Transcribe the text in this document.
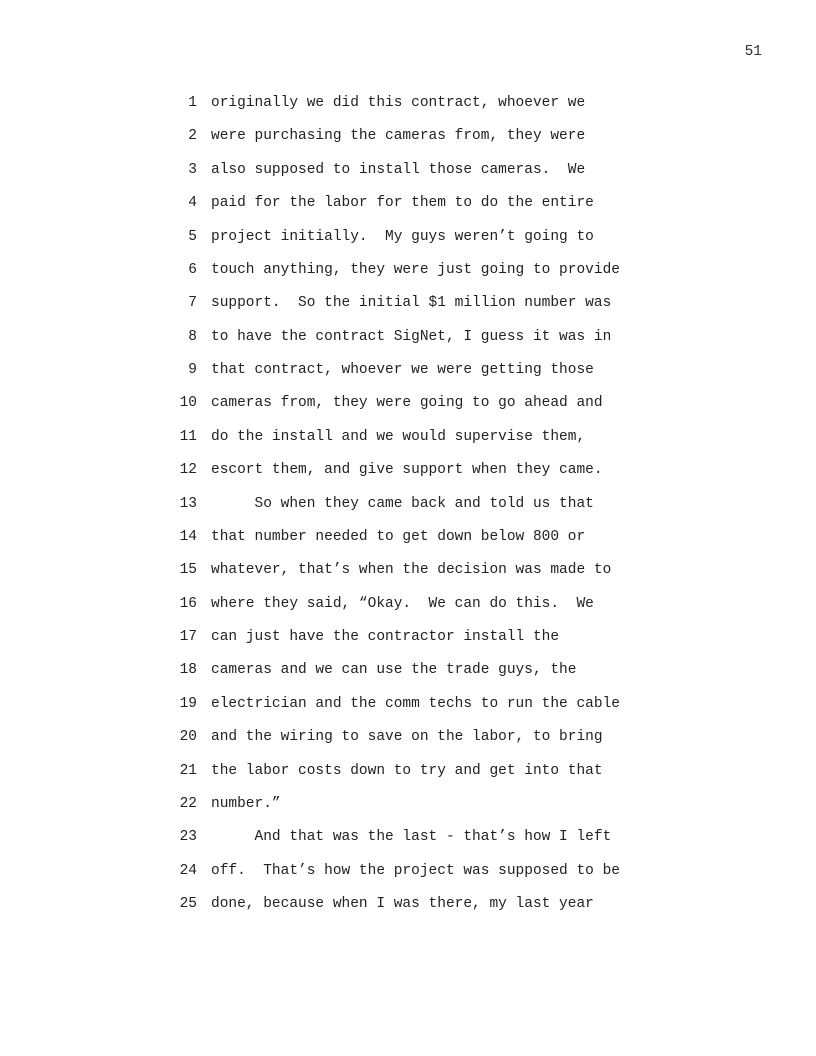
51
1 originally we did this contract, whoever we
2 were purchasing the cameras from, they were
3 also supposed to install those cameras.  We
4 paid for the labor for them to do the entire
5 project initially.  My guys weren’t going to
6 touch anything, they were just going to provide
7 support.  So the initial $1 million number was
8 to have the contract SigNet, I guess it was in
9 that contract, whoever we were getting those
10 cameras from, they were going to go ahead and
11 do the install and we would supervise them,
12 escort them, and give support when they came.
13 So when they came back and told us that
14 that number needed to get down below 800 or
15 whatever, that’s when the decision was made to
16 where they said, “Okay.  We can do this.  We
17 can just have the contractor install the
18 cameras and we can use the trade guys, the
19 electrician and the comm techs to run the cable
20 and the wiring to save on the labor, to bring
21 the labor costs down to try and get into that
22 number.”
23 And that was the last - that’s how I left
24 off.  That’s how the project was supposed to be
25 done, because when I was there, my last year
